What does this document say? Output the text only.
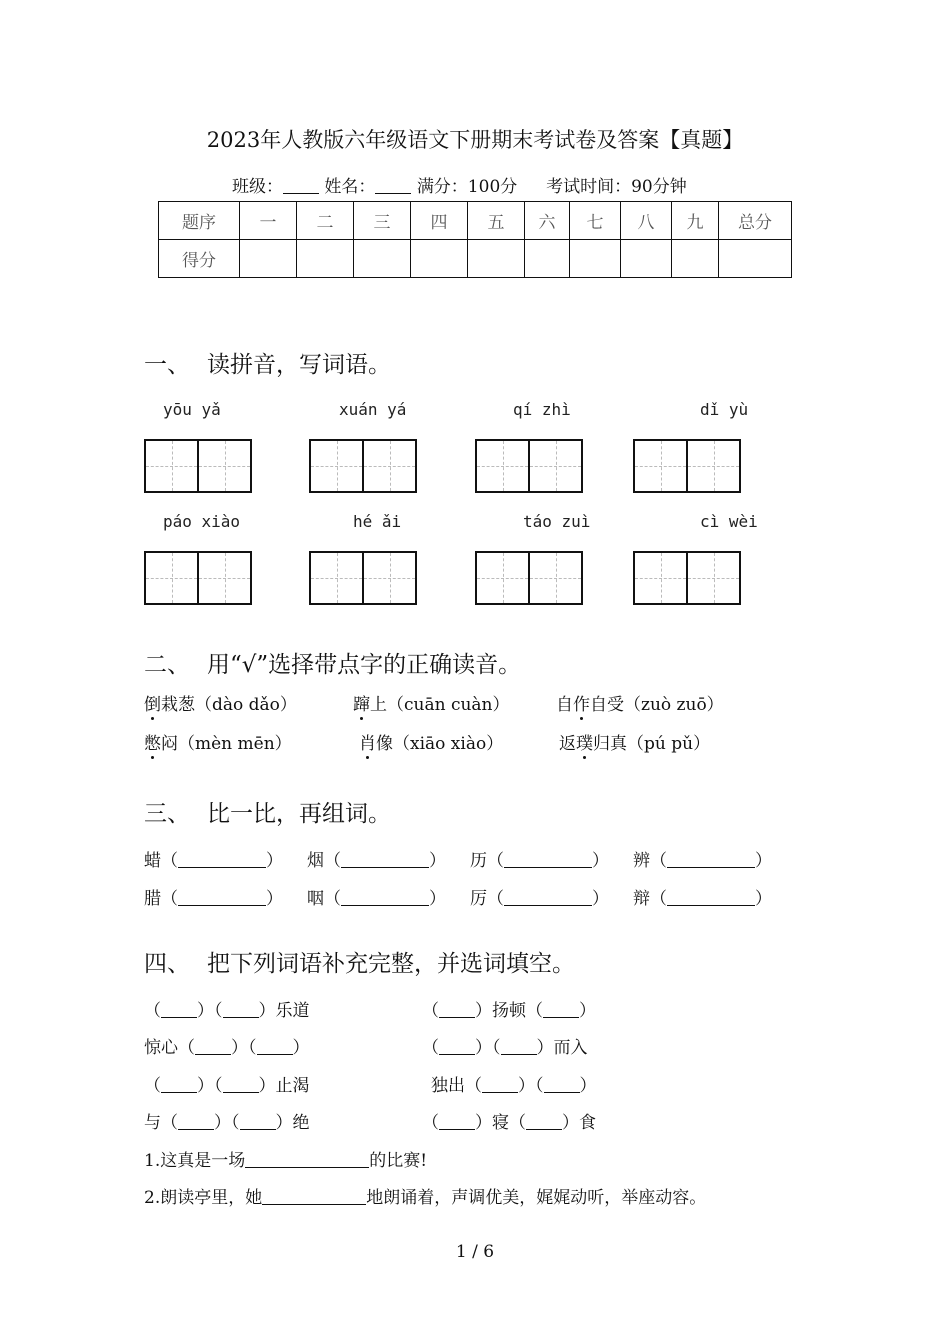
2023年人教版六年级语文下册期末考试卷及答案【真题】
班级： 姓名： 满分：100分 考试时间：90分钟
题序	一	二	三	四	五	六	七	八	九	总分
得分										
一、 读拼音，写词语。
yōu yǎ	xuán yá	qí zhì	dǐ yù
páo xiào	hé ǎi	táo zuì	cì wèi
二、 用“√”选择带点字的正确读音。
倒栽葱（dào dǎo）	蹿上（cuān cuàn）	自作自受（zuò zuō）
憋闷（mèn mēn）	肖像（xiāo xiào）	返璞归真（pú pǔ）
三、 比一比，再组词。
蜡（	） 烟（	） 历（	） 辨（	）
腊（	） 咽（	） 厉（	） 辩（	）
四、 把下列词语补充完整，并选词填空。
（ ）（ ）乐道	（ ）扬顿（ ）
惊心（ ）（ ）	（ ）（ ）而入
（ ）（ ）止渴	独出（ ）（ ）
与（ ）（ ）绝	（ ）寝（ ）食
1.这真是一场	的比赛!
2.朗读亭里，她	地朗诵着，声调优美，娓娓动听，举座动容。
1 / 6
